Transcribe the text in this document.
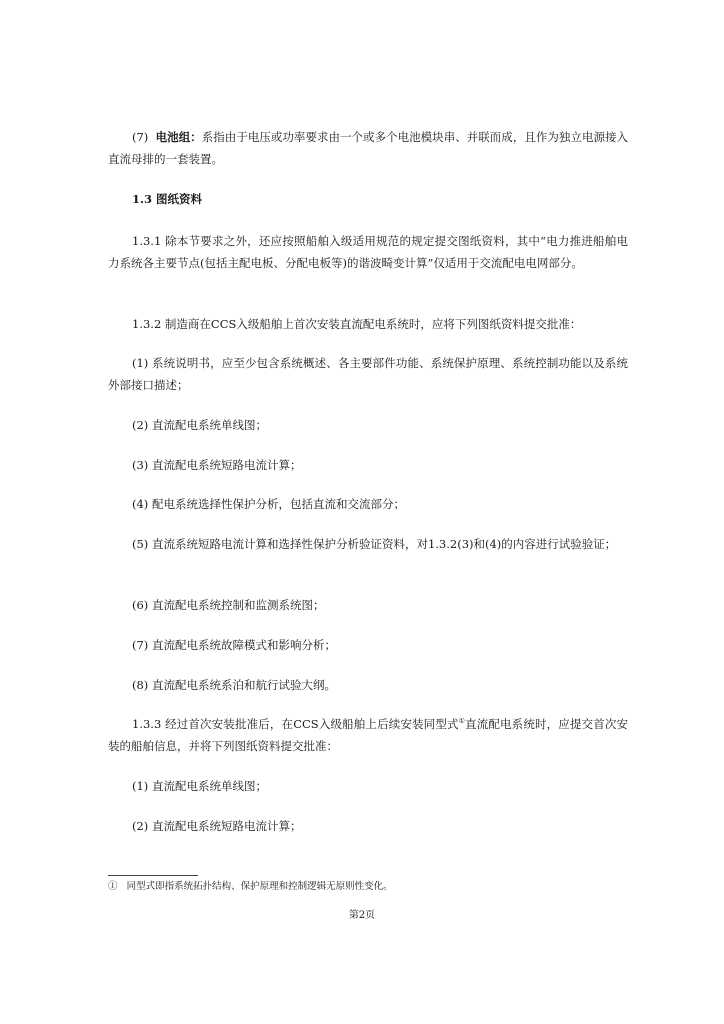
(7) 电池组：系指由于电压或功率要求由一个或多个电池模块串、并联而成，且作为独立电源接入直流母排的一套装置。

1.3 图纸资料

1.3.1 除本节要求之外，还应按照船舶入级适用规范的规定提交图纸资料，其中“电力推进船舶电力系统各主要节点(包括主配电板、分配电板等)的谐波畸变计算”仅适用于交流配电电网部分。

1.3.2 制造商在CCS入级船舶上首次安装直流配电系统时，应将下列图纸资料提交批准：

(1) 系统说明书，应至少包含系统概述、各主要部件功能、系统保护原理、系统控制功能以及系统外部接口描述；

(2) 直流配电系统单线图；

(3) 直流配电系统短路电流计算；

(4) 配电系统选择性保护分析，包括直流和交流部分；

(5) 直流系统短路电流计算和选择性保护分析验证资料，对1.3.2(3)和(4)的内容进行试验验证；

(6) 直流配电系统控制和监测系统图；

(7) 直流配电系统故障模式和影响分析；

(8) 直流配电系统系泊和航行试验大纲。

1.3.3 经过首次安装批准后，在CCS入级船舶上后续安装同型式①直流配电系统时，应提交首次安装的船舶信息，并将下列图纸资料提交批准：

(1) 直流配电系统单线图；

(2) 直流配电系统短路电流计算；

① 同型式即指系统拓扑结构、保护原理和控制逻辑无原则性变化。

第2页
